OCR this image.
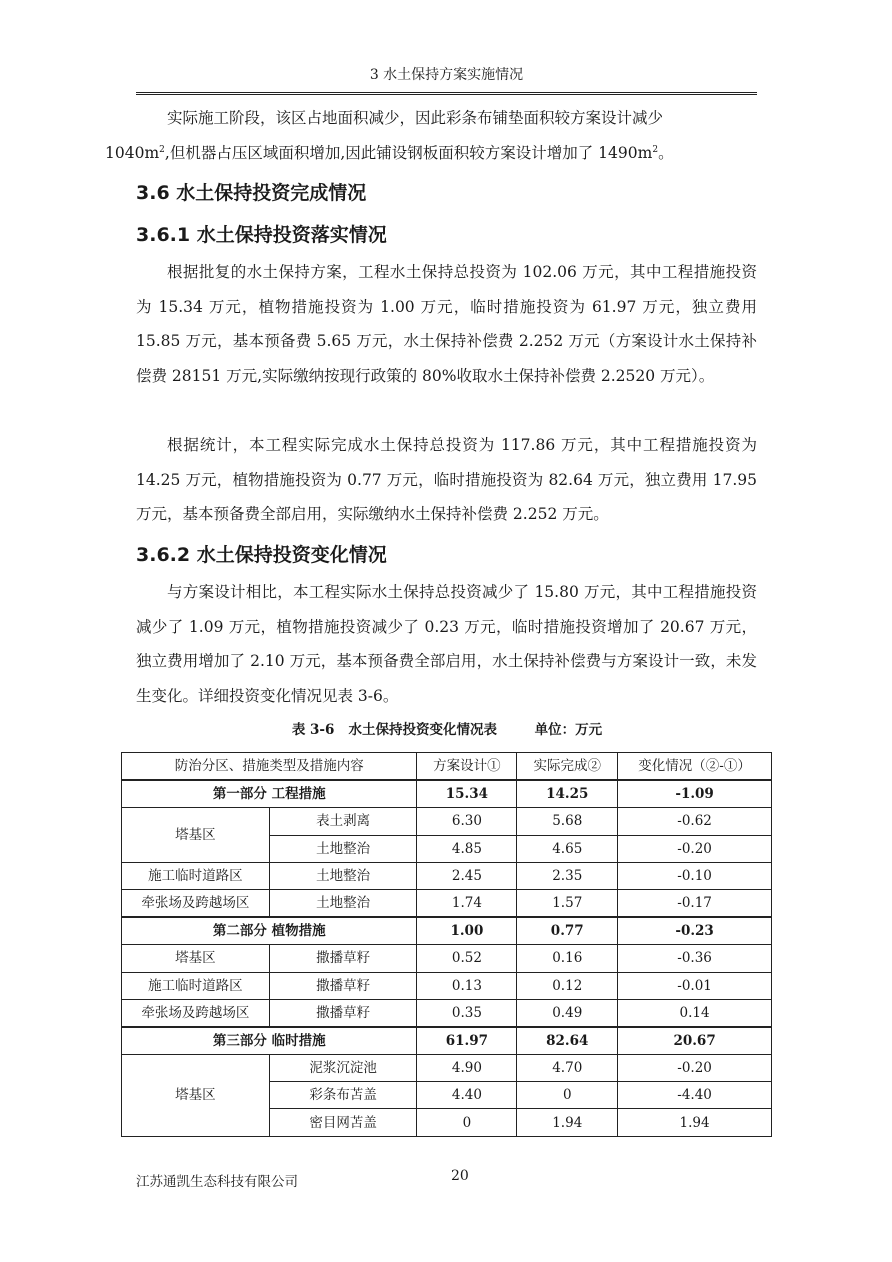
3 水土保持方案实施情况

实际施工阶段，该区占地面积减少，因此彩条布铺垫面积较方案设计减少
$1040m^2$,但机器占压区域面积增加,因此铺设钢板面积较方案设计增加了 $1490m^2$。

3.6 水土保持投资完成情况
3.6.1 水土保持投资落实情况

根据批复的水土保持方案，工程水土保持总投资为 102.06 万元，其中工程措施投资为 15.34 万元，植物措施投资为 1.00 万元，临时措施投资为 61.97 万元，独立费用 15.85 万元，基本预备费 5.65 万元，水土保持补偿费 2.252 万元（方案设计水土保持补偿费 28151 万元,实际缴纳按现行政策的 80%收取水土保持补偿费 2.2520 万元）。

根据统计，本工程实际完成水土保持总投资为 117.86 万元，其中工程措施投资为 14.25 万元，植物措施投资为 0.77 万元，临时措施投资为 82.64 万元，独立费用 17.95 万元，基本预备费全部启用，实际缴纳水土保持补偿费 2.252 万元。

3.6.2 水土保持投资变化情况

与方案设计相比，本工程实际水土保持总投资减少了 15.80 万元，其中工程措施投资减少了 1.09 万元，植物措施投资减少了 0.23 万元，临时措施投资增加了 20.67 万元，独立费用增加了 2.10 万元，基本预备费全部启用，水土保持补偿费与方案设计一致，未发生变化。详细投资变化情况见表 3-6。

表 3-6   水土保持投资变化情况表	单位：万元
防治分区、措施类型及措施内容		方案设计①	实际完成②	变化情况（②-①）
第一部分 工程措施		15.34	14.25	-1.09
塔基区	表土剥离	6.30	5.68	-0.62
	土地整治	4.85	4.65	-0.20
施工临时道路区	土地整治	2.45	2.35	-0.10
牵张场及跨越场区	土地整治	1.74	1.57	-0.17
第二部分 植物措施		1.00	0.77	-0.23
塔基区	撒播草籽	0.52	0.16	-0.36
施工临时道路区	撒播草籽	0.13	0.12	-0.01
牵张场及跨越场区	撒播草籽	0.35	0.49	0.14
第三部分 临时措施		61.97	82.64	20.67
塔基区	泥浆沉淀池	4.90	4.70	-0.20
	彩条布苫盖	4.40	0	-4.40
	密目网苫盖	0	1.94	1.94
江苏通凯生态科技有限公司	20
